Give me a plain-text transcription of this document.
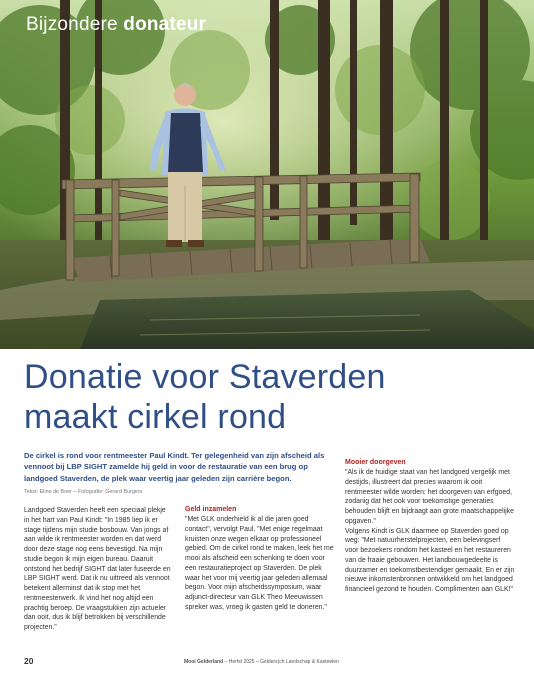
Bijzondere donateur
Donatie voor Staverden
maakt cirkel rond

De cirkel is rond voor rentmeester Paul Kindt. Ter gelegenheid van zijn afscheid als vennoot bij LBP SIGHT zamelde hij geld in voor de restauratie van een brug op landgoed Staverden, de plek waar veertig jaar geleden zijn carrière begon.

Tekst: Eline de Boer – Fotografie: Gerard Burgers

Landgoed Staverden heeft een speciaal plekje in het hart van Paul Kindt: "In 1985 liep ik er stage tijdens mijn studie bosbouw. Van jongs af aan wilde ik rentmeester worden en dat werd door deze stage nog eens bevestigd. Na mijn studie begon ik mijn eigen bureau. Daaruit ontstond het bedrijf SIGHT dat later fuseerde en LBP SIGHT werd. Dat ik nu uittreed als vennoot betekent allerminst dat ik stop met het rentmeesterwerk. Ik vind het nog altijd een prachtig beroep. De vraagstukken zijn actueler dan ooit, dus ik blijf betrokken bij verschillende projecten."

Geld inzamelen

"Met GLK onderhield ik al die jaren goed contact", vervolgt Paul. "Met enige regelmaat kruisten onze wegen elkaar op professioneel gebied. Om de cirkel rond te maken, leek het me mooi als afscheid een schenking te doen voor een restauratieproject op Staverden. De plek waar het voor mij veertig jaar geleden allemaal begon. Voor mijn afscheidssymposium, waar adjunct-directeur van GLK Theo Meeuwissen spreker was, vroeg ik gasten geld te doneren."

Mooier doorgeven

"Als ik de huidige staat van het landgoed vergelijk met destijds, illustreert dat precies waarom ik ooit rentmeester wilde worden: het doorgeven van erfgoed, zodanig dat het ook voor toekomstige generaties behouden blijft en bijdraagt aan grote maatschappelijke opgaven."

Volgens Kindt is GLK daarmee op Staverden goed op weg: "Met natuurherstelprojecten, een belevingserf voor bezoekers rondom het kasteel en het restaureren van de fraaie gebouwen. Het landbouwgedeelte is duurzamer en toekomstbestendiger gemaakt. En er zijn nieuwe inkomstenbronnen ontwikkeld om het landgoed financieel gezond te houden. Complimenten aan GLK!"

20	Mooi Gelderland – Herfst 2025 – Gelders(ch Landschap & Kasteelen
